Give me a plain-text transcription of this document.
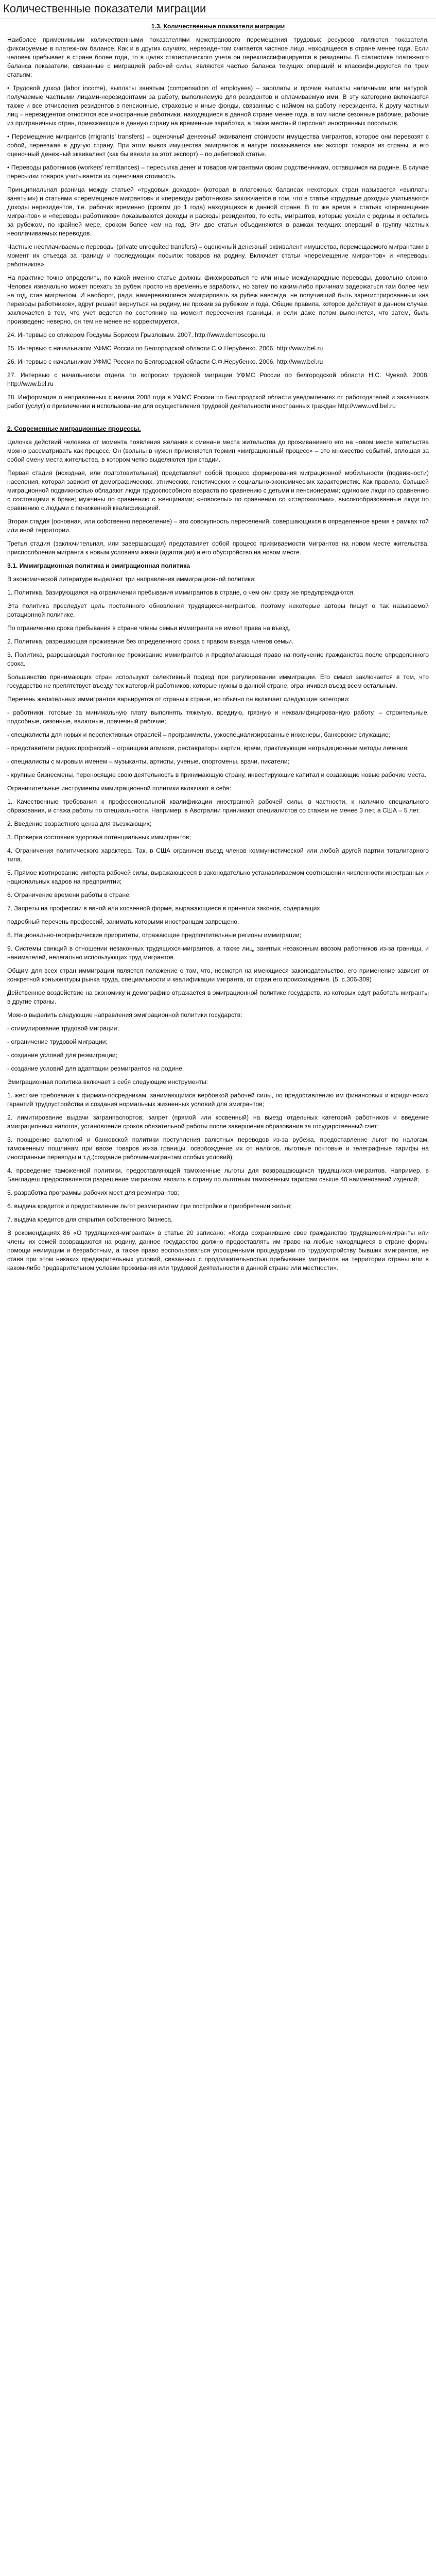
Количественные показатели миграции

1.3. Количественные показатели миграции

Наиболее применимыми количественными показателями межстранового перемещения трудовых ресурсов являются показатели, фиксируемые в платежном балансе. Как и в других случаях, нерезидентом считается частное лицо, находящееся в стране менее года. Если человек пребывает в стране более года, то в целях статистического учета он переклассифицируется в резиденты. В статистике платежного баланса показатели, связанные с миграцией рабочей силы, являются частью баланса текущих операций и классифицируются по трем статьям:

• Трудовой доход (labor income), выплаты занятым (compensation of employees) – зарплаты и прочие выплаты наличными или натурой, получаемые частными лицами-нерезидентами за работу, выполняемую для резидентов и оплачиваемую ими. В эту категорию включаются также и все отчисления резидентов в пенсионные, страховые и иные фонды, связанные с наймом на работу нерезидента. К другу частным лиц – нерезидентов относятся все иностранные работники, находящиеся в данной стране менее года, в том числе сезонные рабочие, рабочие из приграничных стран, приезжающие в данную страну на временные заработки, а также местный персонал иностранных посольств.

• Перемещение мигрантов (migrants’ transfers) – оценочный денежный эквивалент стоимости имущества мигрантов, которое они перевозят с собой, переезжая в другую страну. При этом вывоз имущества эмигрантов в натуре показывается как экспорт товаров из страны, а его оценочный денежный эквивалент (как бы ввезли за этот экспорт) – по дебетовой статье.

• Переводы работников (workers’ remittances) – пересылка денег и товаров мигрантами своим родственникам, оставшимся на родине. В случае пересылки товаров учитывается их оценочная стоимость.

Принципиальная разница между статьей «трудовых доходов» (которая в платежных балансах некоторых стран называется «выплаты занятым») и статьями «перемещение мигрантов» и «переводы работников» заключается в том, что в статье «трудовые доходы» учитываются доходы нерезидентов, т.е. рабочих временно (сроком до 1 года) находящихся в данной стране. В то же время в статьях «перемещение мигрантов» и «переводы работников» показываются доходы и расходы резидентов, то есть, мигрантов, которые уехали с родины и остались за рубежом, по крайней мере, сроком более чем на год. Эти две статьи объединяются в рамках текущих операций в группу частных неоплачиваемых переводов.

Частные неоплачиваемые переводы (private unrequited transfers) – оценочный денежный эквивалент имущества, перемещаемого мигрантами в момент их отъезда за границу и последующих посылок товаров на родину. Включает статьи «перемещение мигрантов» и «переводы работников».

На практике точно определить, по какой именно статье должны фиксироваться те или иные международные переводы, довольно сложно. Человек изначально может поехать за рубеж просто на временные заработки, но затем по каким-либо причинам задержаться там более чем на год, став мигрантом. И наоборот, ради, намеревавшиеся эмигрировать за рубеж навсегда, не получивший быть зарегистрированным «на переводы работников», вдруг решает вернуться на родину, не прожив за рубежом и года. Общие правила, которое действует в данном случае, заключается в том, что учет ведется по состоянию на момент пересечения границы, и если даже потом выясняется, что затем, быль произведено неверно, он тем не менее не корректируется.

24. Интервью со спикером Госдумы Борисом Грызловым. 2007. http://www.demoscope.ru

25. Интервью с начальником УФМС России по Белгородской области С.Ф.Нерубенко. 2006. http://www.bel.ru

26. Интервью с начальником УФМС России по Белгородской области С.Ф.Нерубенко. 2006. http://www.bel.ru

27. Интервью с начальником отдела по вопросам трудовой миграции УФМС России по белгородской области Н.С. Чуевой. 2008. http://www.bel.ru

28. Информация о направленных с начала 2008 года в УФМС России по Белгородской области уведомлениях от работодателей и заказчиков работ (услуг) о привлечении и использовании для осуществления трудовой деятельности иностранных граждан http://www.uvd.bel.ru

2. Современные миграционные процессы.

Целочка действий человека от момента появления желания к сменане места жительства до проживаниеeго его на новом месте жительства можно рассматривать как процесс. Он (вольны в нужен применяется термин «миграционный процесс» – это множество событий, вплощая за собой смену места жительства, в котором четко выделяются три стадии.

Первая стадия (исходная, или подготовительная) представляет собой процесс формирования миграционной мобильности (подвижности) населения, которая зависит от демографических, этнических, генетических и социально-экономических характеристик. Как правило, большей миграционной подвижностью обладают люди трудоспособного возраста по сравнению с детьми и пенсионерами; одинокие люди по сравнению с состоящими в браке; мужчины по сравнению с женщинами; «новоселы» по сравнению со «старожилами», высокообразованные люди по сравнению с людьми с пониженной квалификацией.

Вторая стадия (основная, или собственно переселение) – это совокупность переселений, совершающихся в определенное время в рамках той или иной территории.

Третья стадия (заключительная, или завершающая) представляет собой процесс приживаемости мигрантов на новом месте жительства, приспособления мигранта к новым условиям жизни (адаптации) и его обустройство на новом месте.

3.1. Иммиграционная политика и эмиграционная политика

В экономической литературе выделяют три направления иммиграционной политики:

1. Политика, базирующаяся на ограничении пребывания иммигрантов в стране, о чем они сразу же предупреждаются.

Эта политика преследует цель постоянного обновления трудящихся-мигрантов, поэтому некоторые авторы пишут о так называемой ротационной политике.

По ограничению срока пребывания в стране члены семьи иммигранта не имеют права на въезд.

2. Политика, разрешающая проживание без определенного срока с правом въезда членов семьи.

3. Политика, разрешающая постоянное проживание иммигрантов и предполагающая право на получение гражданства после определенного срока.

Большинство принимающих стран используют селективный подход при регулировании иммиграции. Его смысл заключается в том, что государство не препятствует въезду тех категорий работников, которые нужны в данной стране, ограничивая въезд всем остальным.

Перечень желательных иммигрантов варьируется от страны к стране, но обычно он включает следующие категории:

- работники, готовые за минимальную плату выполнять тяжелую, вредную, грязную и неквалифицированную работу, – строительные, подсобные, сезонные, валютные, прачечный рабочие;

- специалисты для новых и перспективных отраслей – программисты, узкоспециализированные инженеры, банковские служащие;

- представители редких профессий – огранщики алмазов, реставраторы картин, врачи, практикующие нетрадиционные методы лечения;

- специалисты с мировым именем – музыканты, артисты, ученые, спортсмены, врачи, писатели;

- крупные бизнесмены, переносящие свою деятельность в принимающую страну, инвестирующие капитал и создающие новые рабочие места.

Ограничительные инструменты иммиграционной политики включают в себя:

1. Качественные требования к профессиональной квалификации иностранной рабочей силы, в частности, к наличию специального образования, и стажа работы по специальности. Например, в Австралии принимают специалистов со стажем не менее 3 лет, а США – 5 лет.

2. Введение возрастного ценза для въезжающих;

3. Проверка состояния здоровья потенциальных иммигрантов;

4. Ограничения политического характера. Так, в США ограничен въезд членов коммунистической или любой другой партии тоталитарного типа.

5. Прямое квотирование импорта рабочей силы, выражающееся в законодательно устанавливаемом соотношении численности иностранных и национальных кадров на предприятии;

6. Ограничение времени работы в стране;

7. Запреты на профессии в явной или косвенной форме, выражающиеся в принятии законов, содержащих

подробный перечень профессий, занимать которыми иностранцам запрещено.

8. Национально-географические приоритеты, отражающие предпочтительные регионы иммиграции;

9. Системы санкций в отношении незаконных трудящихся-мигрантов, а также лиц, занятых незаконным ввозом работников из-за границы, и нанимателей, нелегально использующих труд мигрантов.

Общим для всех стран иммиграции является положение о том, что, несмотря на имеющиеся законодательство, его применение зависит от конкретной конъюнктуры рынка труда, специальности и квалификации мигранта, от стран его происхождения. (5, с.306-309)

Действенное воздействие на экономику и демографию отражается в эмиграционной политике государств, из которых едут работать мигранты в другие страны.

Можно выделить следующие направления эмиграционной политики государств:

- стимулирование трудовой миграции;

- ограничение трудовой миграции;

- создание условий для реэмиграции;

- создание условий для адаптации реэмигрантов на родине.

Эмиграционная политика включает в себя следующие инструменты:

1. жесткие требования к фирмам-посредникам, занимающимся вербовкой рабочей силы, по предоставлению им финансовых и юридических гарантий трудоустройства и создания нормальных жизненных условий для эмигрантов;

2. лимитирование выдачи загранпаспортов; запрет (прямой или косвенный) на выезд отдельных категорий работников и введение эмиграционных налогов, установление сроков обязательной работы после завершения образования за государственный счет;

3. поощрение валютной и банковской политики поступления валютных переводов из-за рубежа, предоставление льгот по налогам, таможенным пошлинам при ввозе товаров из-за границы, освобождение их от налогов, льготные почтовые и телеграфные тарифы на иностранные переводы и т.д.(создание рабочим-мигрантам особых условий);

4. проведение таможенной политики, предоставляющей таможенные льготы для возвращающихся трудящихся-мигрантов. Например, в Бангладеш предоставляется разрешение мигрантам ввозить в страну по льготным таможенным тарифам свыше 40 наименований изделий;

5. разработка программы рабочих мест для реэмигрантов;

6. выдача кредитов и предоставление льгот реэмигрантам при постройке и приобретении жилья;

7. выдача кредитов для открытия собственного бизнеса.

В рекомендациях 86 «О трудящихся-мигрантах» в статье 20 записано: «Когда сохранившие свое гражданство трудящиеся-мигранты или члены их семей возвращаются на родину, данное государство должно предоставлять им право на любые находящиеся в стране формы помощи неимущим и безработным, а также право воспользоваться упрощенными процедурами по трудоустройству бывших эмигрантов, не ставя при этом никаких предварительных условий, связанных с продолжительностью пребывания мигрантов на территории страны или в каком-либо предварительном условии проживания или трудовой деятельности в данной стране или местности».
